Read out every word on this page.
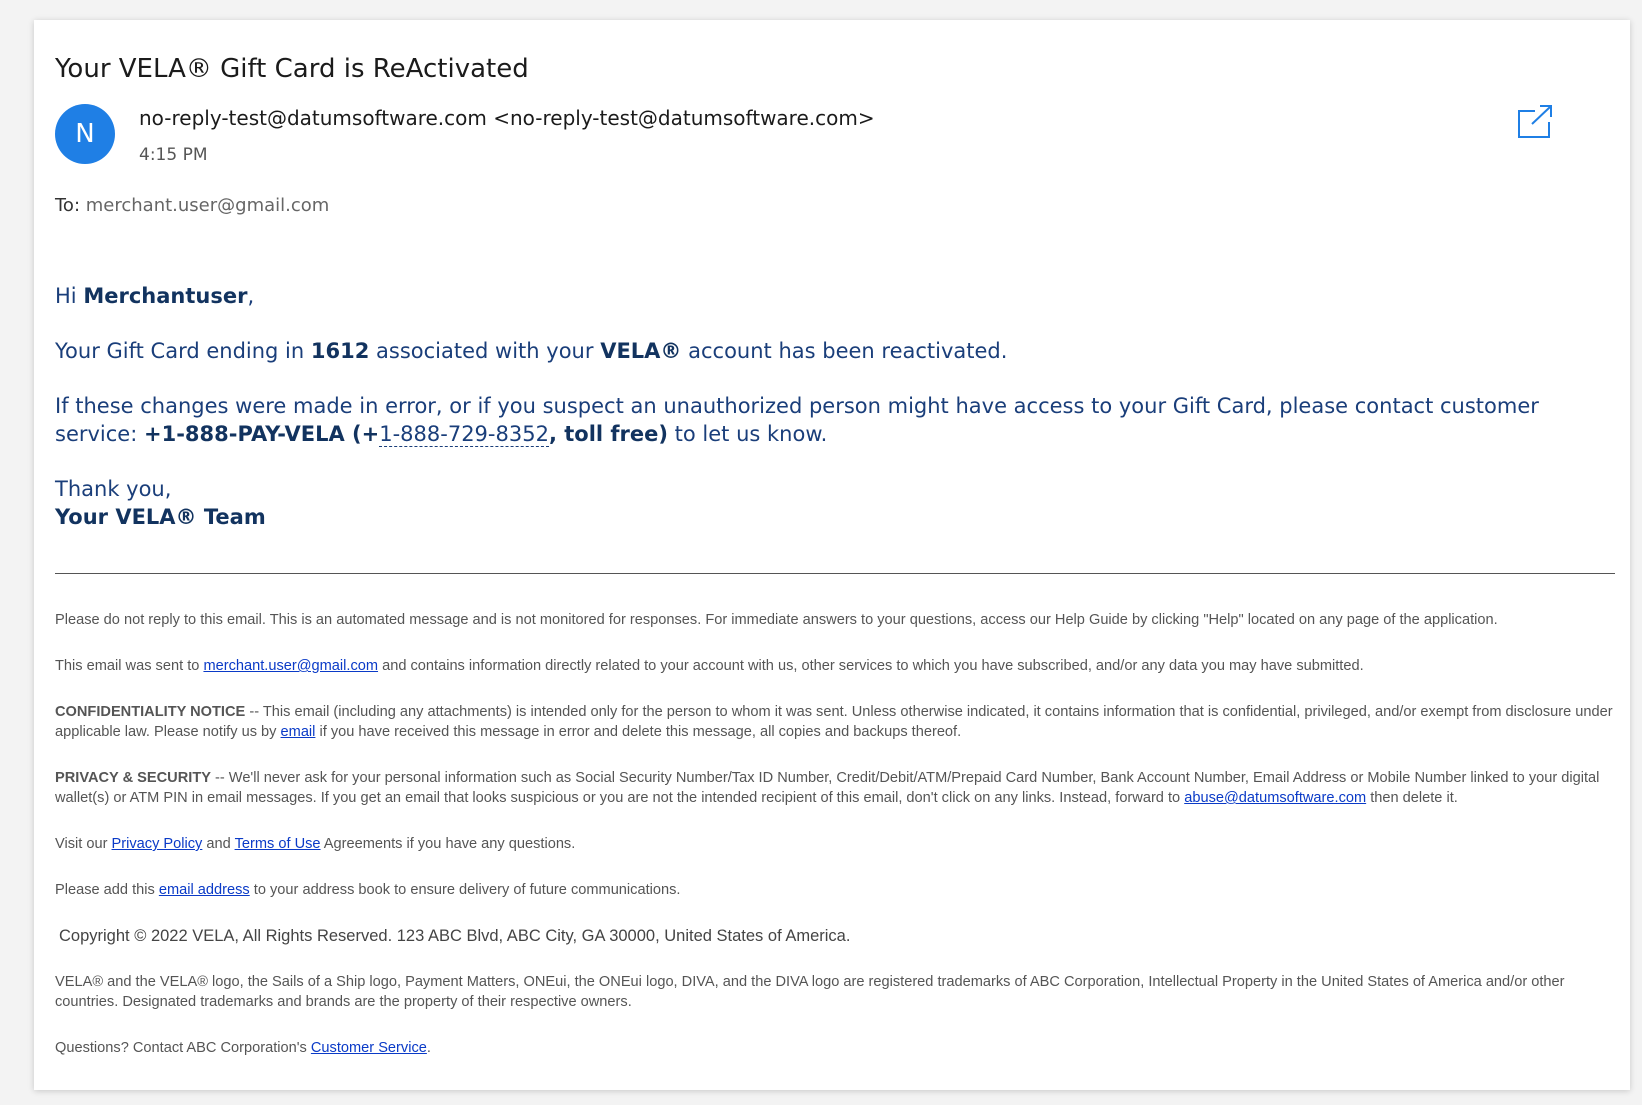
Your VELA® Gift Card is ReActivated
N
no-reply-test@datumsoftware.com <no-reply-test@datumsoftware.com>
4:15 PM
To: merchant.user@gmail.com

Hi Merchantuser,

Your Gift Card ending in 1612 associated with your VELA® account has been reactivated.

If these changes were made in error, or if you suspect an unauthorized person might have access to your Gift Card, please contact customer service: +1-888-PAY-VELA (+1-888-729-8352, toll free) to let us know.

Thank you,
Your VELA® Team

Please do not reply to this email. This is an automated message and is not monitored for responses. For immediate answers to your questions, access our Help Guide by clicking "Help" located on any page of the application.

This email was sent to merchant.user@gmail.com and contains information directly related to your account with us, other services to which you have subscribed, and/or any data you may have submitted.

CONFIDENTIALITY NOTICE -- This email (including any attachments) is intended only for the person to whom it was sent. Unless otherwise indicated, it contains information that is confidential, privileged, and/or exempt from disclosure under applicable law. Please notify us by email if you have received this message in error and delete this message, all copies and backups thereof.

PRIVACY & SECURITY -- We'll never ask for your personal information such as Social Security Number/Tax ID Number, Credit/Debit/ATM/Prepaid Card Number, Bank Account Number, Email Address or Mobile Number linked to your digital wallet(s) or ATM PIN in email messages. If you get an email that looks suspicious or you are not the intended recipient of this email, don't click on any links. Instead, forward to abuse@datumsoftware.com then delete it.

Visit our Privacy Policy and Terms of Use Agreements if you have any questions.

Please add this email address to your address book to ensure delivery of future communications.

Copyright © 2022 VELA, All Rights Reserved. 123 ABC Blvd, ABC City, GA 30000, United States of America.

VELA® and the VELA® logo, the Sails of a Ship logo, Payment Matters, ONEui, the ONEui logo, DIVA, and the DIVA logo are registered trademarks of ABC Corporation, Intellectual Property in the United States of America and/or other countries. Designated trademarks and brands are the property of their respective owners.

Questions? Contact ABC Corporation's Customer Service.
